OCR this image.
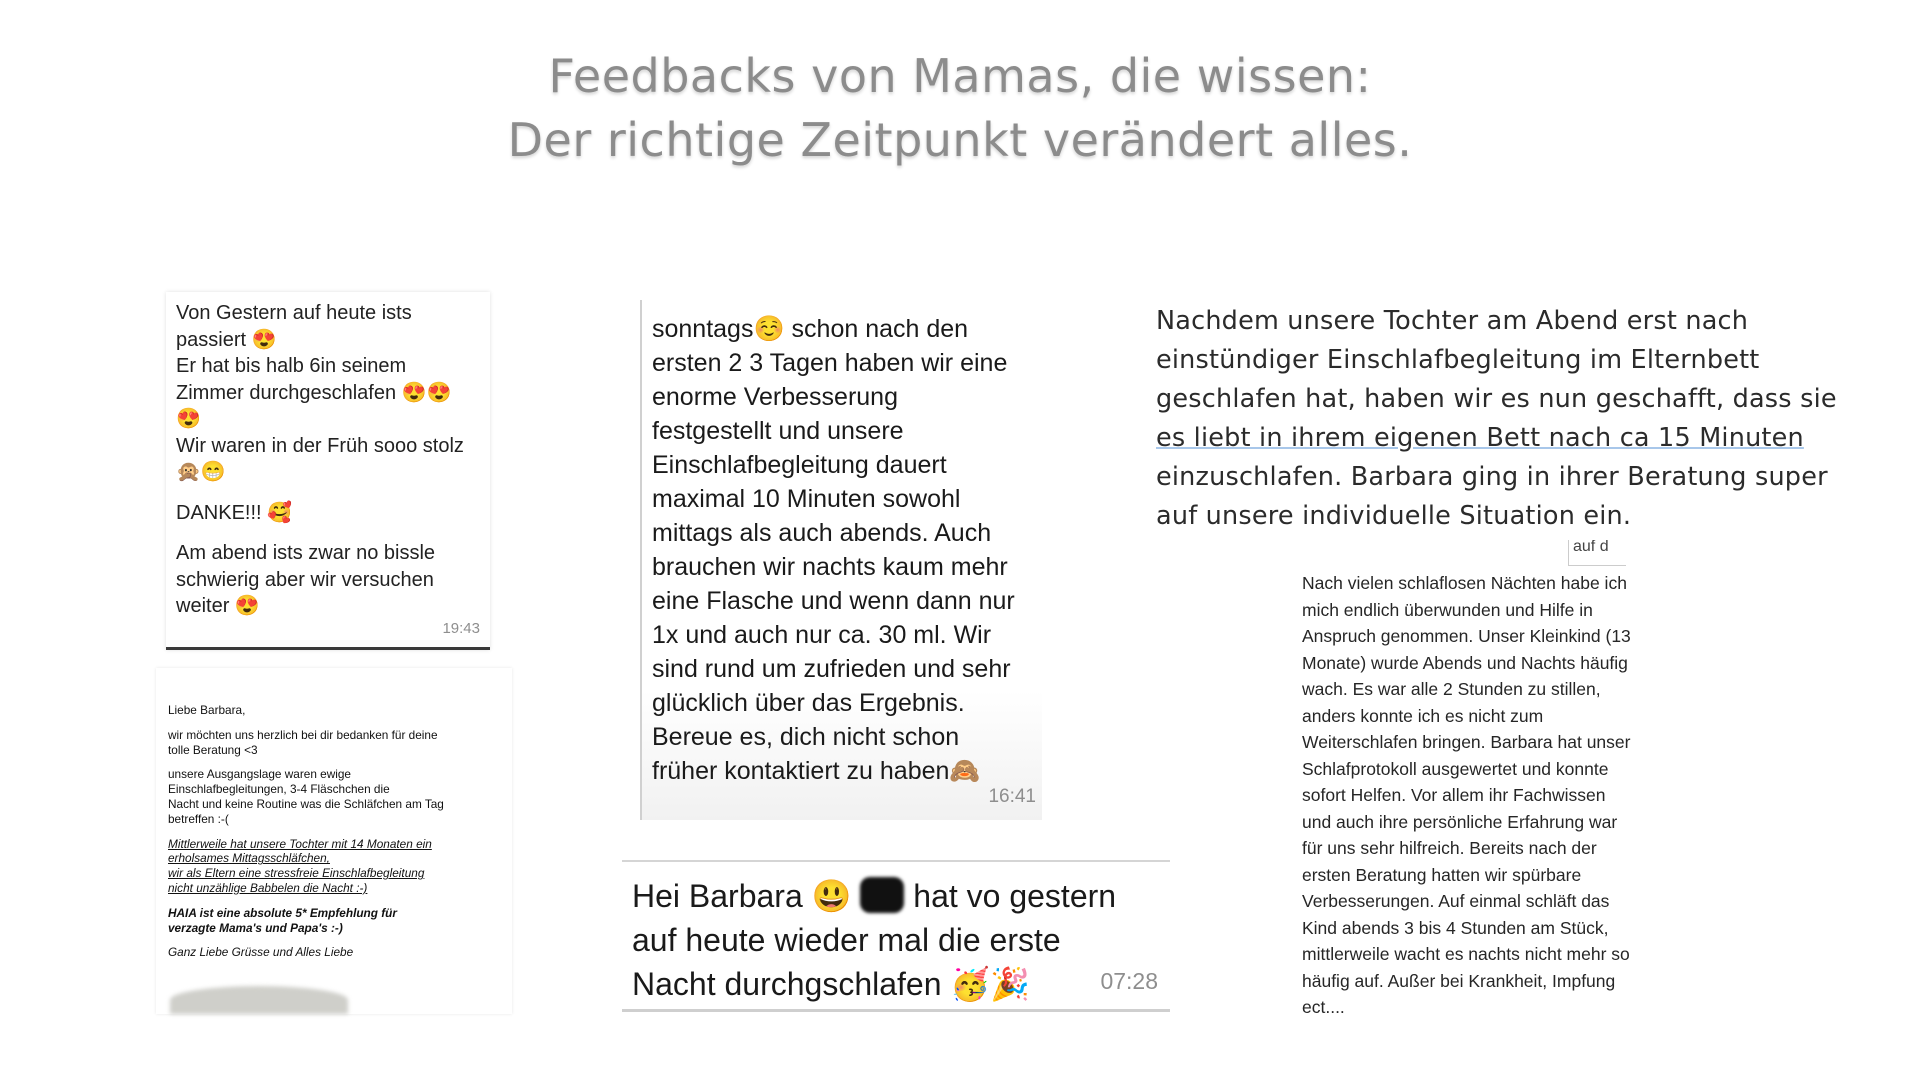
Feedbacks von Mamas, die wissen:
Der richtige Zeitpunkt verändert alles.
Von Gestern auf heute ists
passiert 😍
Er hat bis halb 6in seinem
Zimmer durchgeschlafen 😍😍
😍
Wir waren in der Früh sooo stolz
🙊😁
DANKE!!! 🥰
Am abend ists zwar no bissle
schwierig aber wir versuchen
weiter 😍
19:43
Liebe Barbara,
wir möchten uns herzlich bei dir bedanken für deine
tolle Beratung <3
unsere Ausgangslage waren ewige
Einschlafbegleitungen, 3-4 Fläschchen die
Nacht und keine Routine was die Schläfchen am Tag
betreffen :-(
Mittlerweile hat unsere Tochter mit 14 Monaten ein
erholsames Mittagsschläfchen,
wir als Eltern eine stressfreie Einschlafbegleitung
nicht unzählige Babbelen die Nacht :-)
HAIA ist eine absolute 5* Empfehlung für
verzagte Mama's und Papa's :-)
Ganz Liebe Grüsse und Alles Liebe
sonntags☺️ schon nach den
ersten 2 3 Tagen haben wir eine
enorme Verbesserung
festgestellt und unsere
Einschlafbegleitung dauert
maximal 10 Minuten sowohl
mittags als auch abends. Auch
brauchen wir nachts kaum mehr
eine Flasche und wenn dann nur
1x und auch nur ca. 30 ml. Wir
sind rund um zufrieden und sehr
glücklich über das Ergebnis.
Bereue es, dich nicht schon
früher kontaktiert zu haben🙈
16:41
Hei Barbara 😃 hat vo gestern
auf heute wieder mal die erste
Nacht durchgschlafen 🥳🎉	07:28
Nachdem unsere Tochter am Abend erst nach
einstündiger Einschlafbegleitung im Elternbett
geschlafen hat, haben wir es nun geschafft, dass sie
es liebt in ihrem eigenen Bett nach ca 15 Minuten
einzuschlafen. Barbara ging in ihrer Beratung super
auf unsere individuelle Situation ein.
auf d
Nach vielen schlaflosen Nächten habe ich
mich endlich überwunden und Hilfe in
Anspruch genommen. Unser Kleinkind (13
Monate) wurde Abends und Nachts häufig
wach. Es war alle 2 Stunden zu stillen,
anders konnte ich es nicht zum
Weiterschlafen bringen. Barbara hat unser
Schlafprotokoll ausgewertet und konnte
sofort Helfen. Vor allem ihr Fachwissen
und auch ihre persönliche Erfahrung war
für uns sehr hilfreich. Bereits nach der
ersten Beratung hatten wir spürbare
Verbesserungen. Auf einmal schläft das
Kind abends 3 bis 4 Stunden am Stück,
mittlerweile wacht es nachts nicht mehr so
häufig auf. Außer bei Krankheit, Impfung
ect....
